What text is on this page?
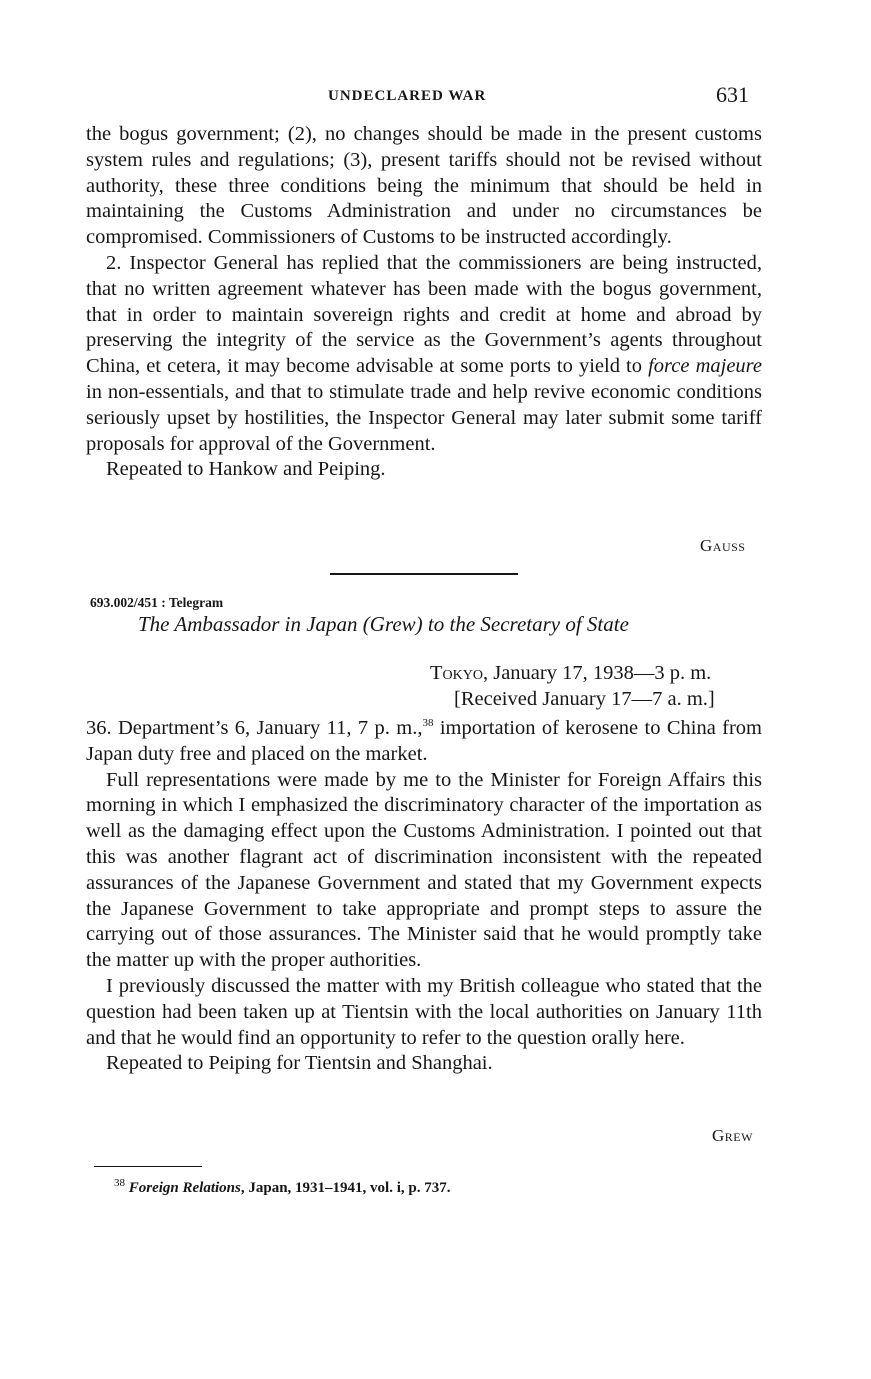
UNDECLARED WAR	631

the bogus government; (2), no changes should be made in the present customs system rules and regulations; (3), present tariffs should not be revised without authority, these three conditions being the minimum that should be held in maintaining the Customs Administration and under no circumstances be compromised. Commissioners of Customs to be instructed accordingly.

2. Inspector General has replied that the commissioners are being instructed, that no written agreement whatever has been made with the bogus government, that in order to maintain sovereign rights and credit at home and abroad by preserving the integrity of the service as the Government’s agents throughout China, et cetera, it may become advisable at some ports to yield to force majeure in non-essentials, and that to stimulate trade and help revive economic conditions seriously upset by hostilities, the Inspector General may later submit some tariff proposals for approval of the Government.

Repeated to Hankow and Peiping.

Gauss
693.002/451 : Telegram
The Ambassador in Japan (Grew) to the Secretary of State
Tokyo, January 17, 1938—3 p. m.
[Received January 17—7 a. m.]

36. Department’s 6, January 11, 7 p. m.,$^{38}$ importation of kerosene to China from Japan duty free and placed on the market.

Full representations were made by me to the Minister for Foreign Affairs this morning in which I emphasized the discriminatory character of the importation as well as the damaging effect upon the Customs Administration. I pointed out that this was another flagrant act of discrimination inconsistent with the repeated assurances of the Japanese Government and stated that my Government expects the Japanese Government to take appropriate and prompt steps to assure the carrying out of those assurances. The Minister said that he would promptly take the matter up with the proper authorities.

I previously discussed the matter with my British colleague who stated that the question had been taken up at Tientsin with the local authorities on January 11th and that he would find an opportunity to refer to the question orally here.

Repeated to Peiping for Tientsin and Shanghai.

Grew
$^{38}$ Foreign Relations, Japan, 1931–1941, vol. i, p. 737.
